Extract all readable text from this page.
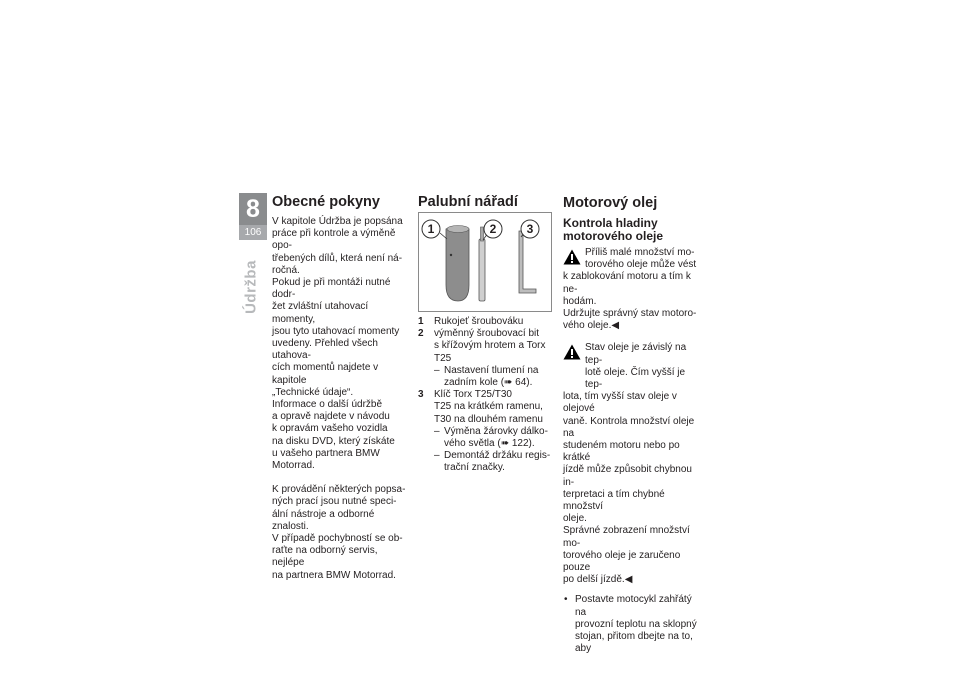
8
106
Údržba
Obecné pokyny
V kapitole Údržba je popsána
práce při kontrole a výměně opo-
třebených dílů, která není ná-
ročná.
Pokud je při montáži nutné dodr-
žet zvláštní utahovací momenty,
jsou tyto utahovací momenty
uvedeny. Přehled všech utahova-
cích momentů najdete v kapitole
„Technické údaje“.
Informace o další údržbě
a opravě najdete v návodu
k opravám vašeho vozidla
na disku DVD, který získáte
u vašeho partnera BMW
Motorrad.
K provádění některých popsa-
ných prací jsou nutné speci-
ální nástroje a odborné znalosti.
V případě pochybností se ob-
raťte na odborný servis, nejlépe
na partnera BMW Motorrad.
Palubní nářadí
1	2	3
1 Rukojeť šroubováku
2 výměnný šroubovací bit
s křížovým hrotem a Torx
T25
– Nastavení tlumení na
zadním kole (➠ 64).
3 Klíč Torx T25/T30
T25 na krátkém ramenu,
T30 na dlouhém ramenu
– Výměna žárovky dálko-
vého světla (➠ 122).
– Demontáž držáku regis-
trační značky.
Motorový olej
Kontrola hladiny
motorového oleje
Příliš malé množství mo-
torového oleje může vést
k zablokování motoru a tím k ne-
hodám.
Udržujte správný stav motoro-
vého oleje.◀
Stav oleje je závislý na tep-
lotě oleje. Čím vyšší je tep-
lota, tím vyšší stav oleje v olejové
vaně. Kontrola množství oleje na
studeném motoru nebo po krátké
jízdě může způsobit chybnou in-
terpretaci a tím chybné množství
oleje.
Správné zobrazení množství mo-
torového oleje je zaručeno pouze
po delší jízdě.◀
• Postavte motocykl zahřátý na
provozní teplotu na sklopný
stojan, přitom dbejte na to, aby
